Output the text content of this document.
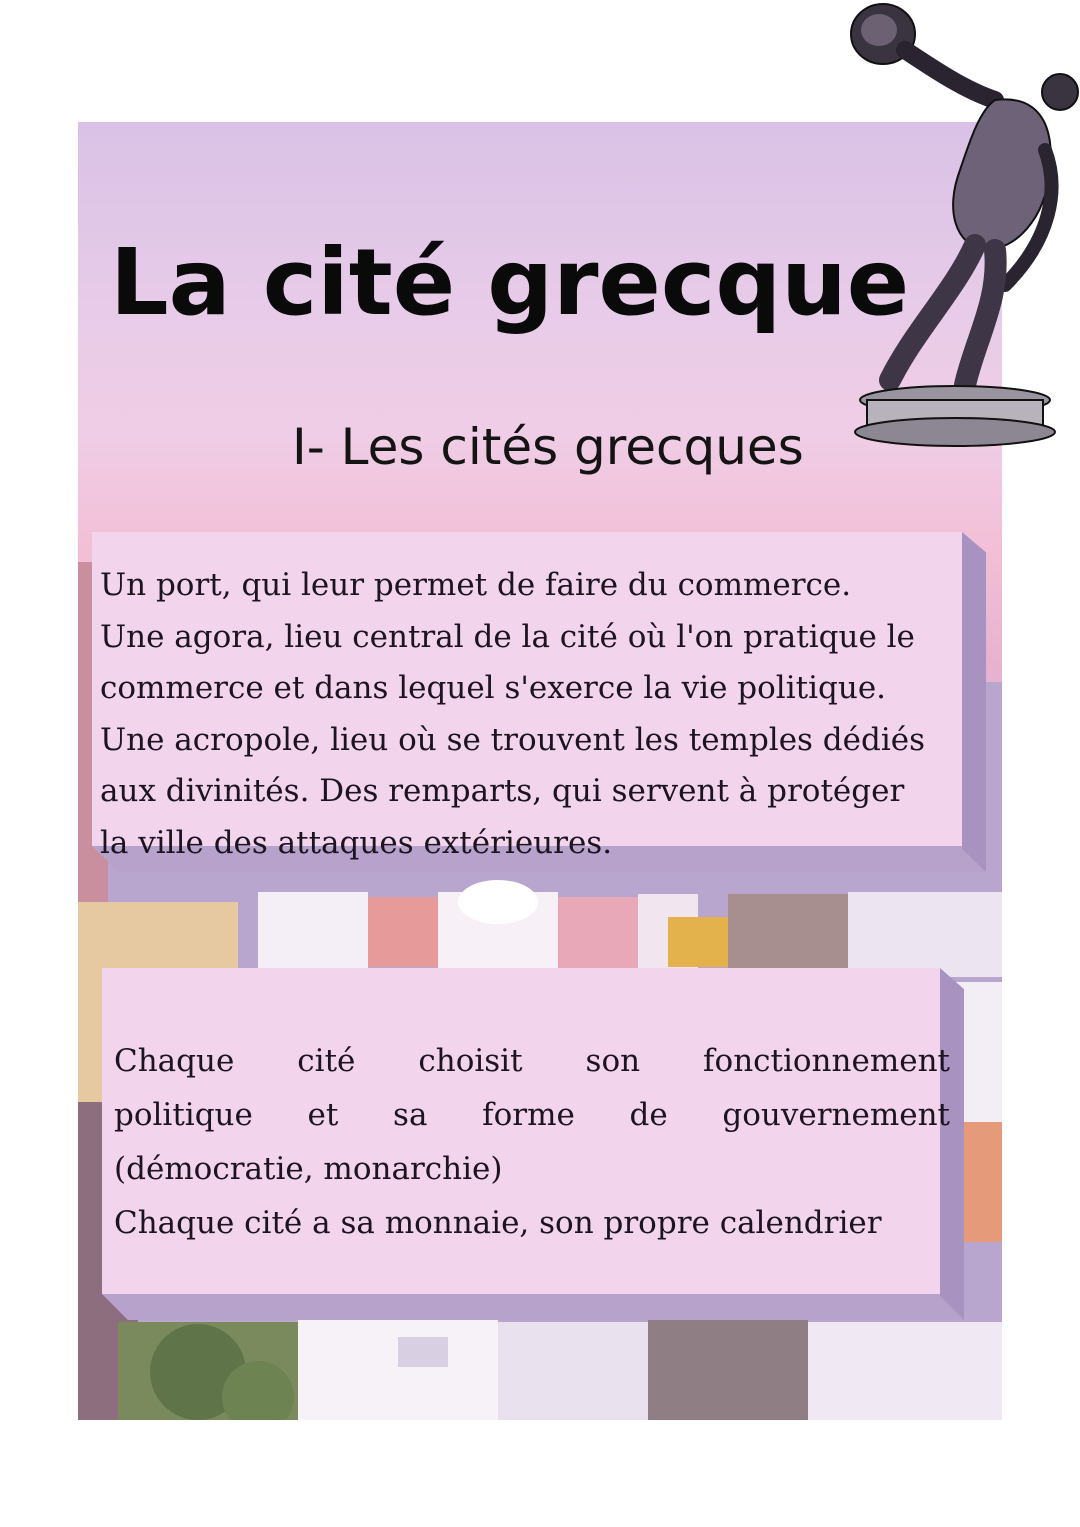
La cité grecque
I- Les cités grecques
Un port, qui leur permet de faire du commerce.
Une agora, lieu central de la cité où l'on pratique le
commerce et dans lequel s'exerce la vie politique.
Une acropole, lieu où se trouvent les temples dédiés
aux divinités. Des remparts, qui servent à protéger
la ville des attaques extérieures.
Chaque cité choisit son fonctionnement
politique et sa forme de gouvernement
(démocratie, monarchie)
Chaque cité a sa monnaie, son propre calendrier
